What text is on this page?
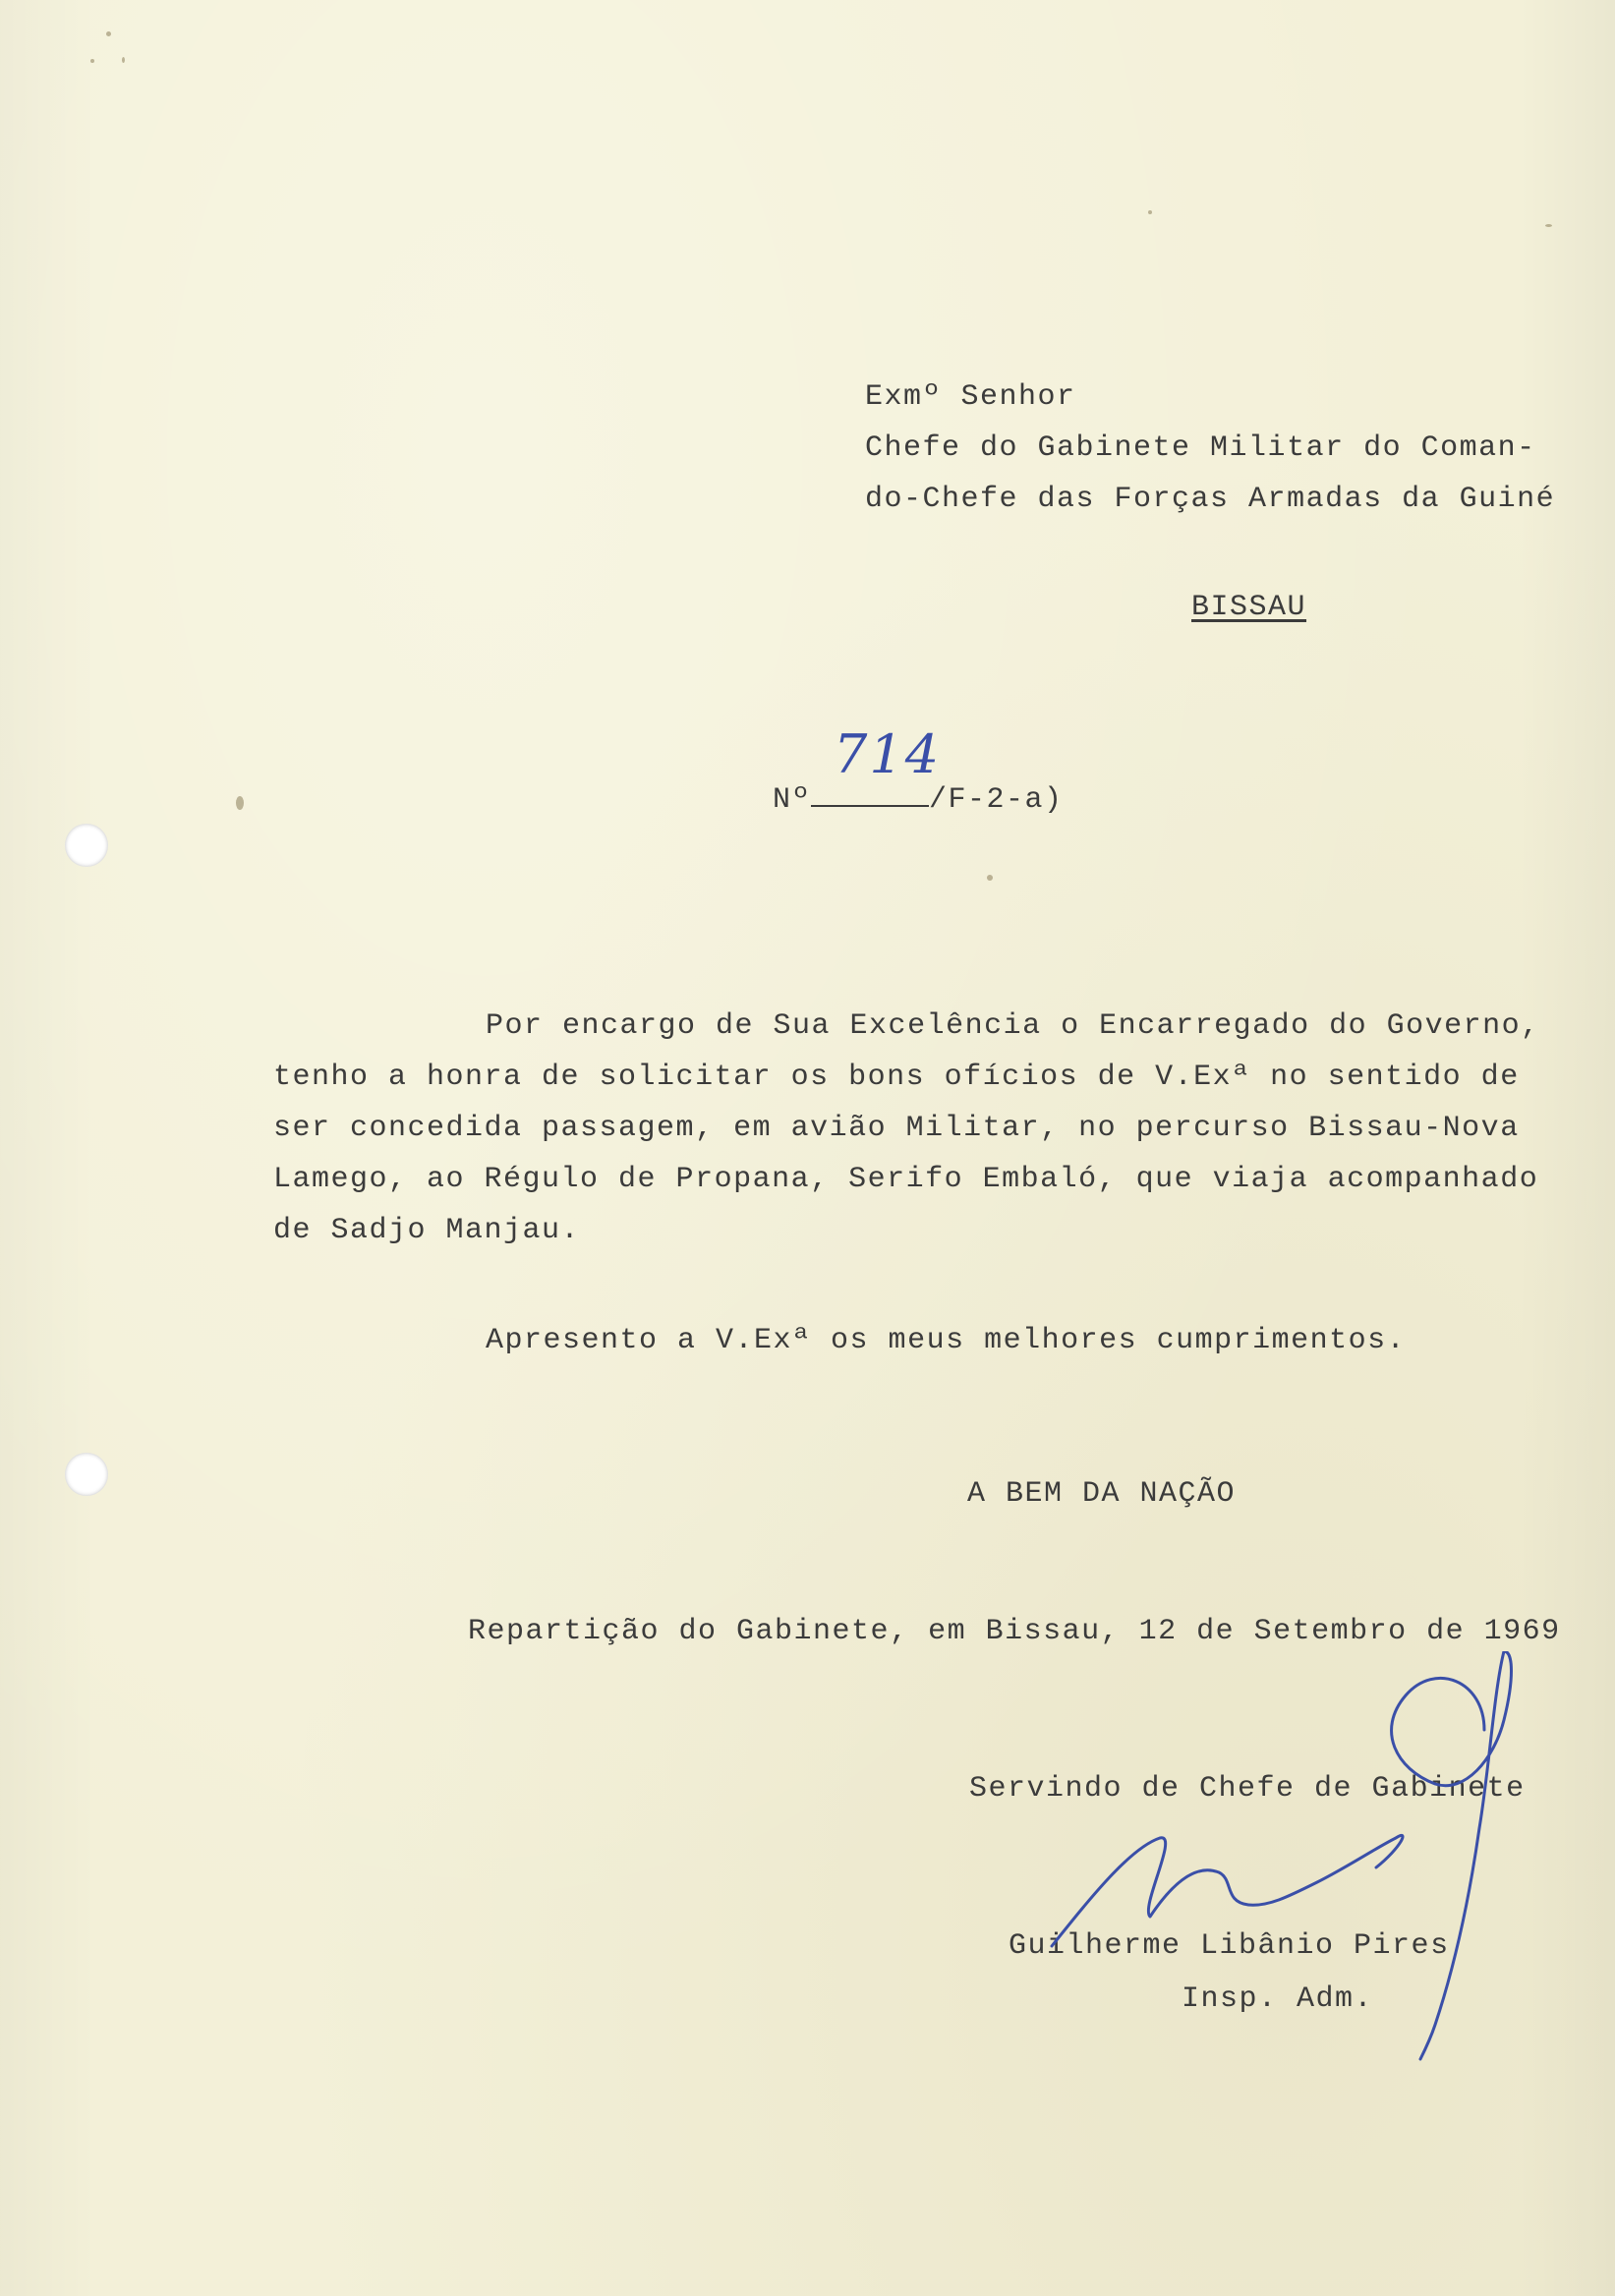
Exmº Senhor
Chefe do Gabinete Militar do Coman-
do-Chefe das Forças Armadas da Guiné
BISSAU
Nº	/F-2-a)
714
Por encargo de Sua Excelência o Encarregado do Governo,
tenho a honra de solicitar os bons ofícios de V.Exª no sentido de
ser concedida passagem, em avião Militar, no percurso Bissau-Nova
Lamego, ao Régulo de Propana, Serifo Embaló, que viaja acompanhado
de Sadjo Manjau.
Apresento a V.Exª os meus melhores cumprimentos.
A BEM DA NAÇÃO
Repartição do Gabinete, em Bissau, 12 de Setembro de 1969
Servindo de Chefe de Gabinete
Guilherme Libânio Pires
Insp. Adm.
